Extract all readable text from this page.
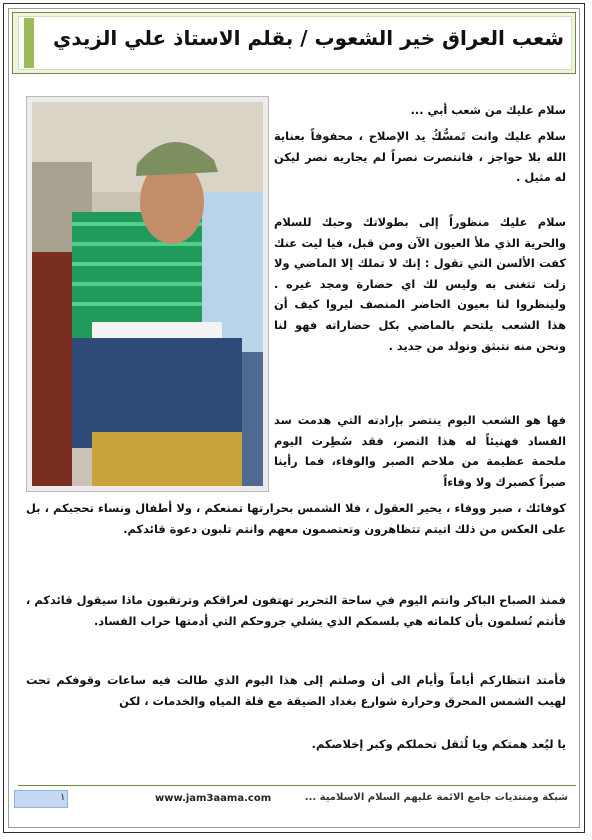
شعب العراق خير الشعوب / بقلم الاستاذ علي الزيدي

سلام عليك من شعب أبي ...

سلام عليك وانت تَمسُّكُ يد الإصلاح ، محفوفاً بعناية الله بلا حواجز ، فانتصرت نصراً لم يجاريه نصر ليكن له مثيل .

سلام عليك منظوراً إلى بطولاتك وحبك للسلام والحرية الذي ملأ العيون الآن ومن قبل، فيا ليت عنك كفت الألسن التي تقول : إنك لا تملك إلا الماضي ولا زلت تتغنى به وليس لك اي حضارة ومجد غيره . ولينظروا لنا بعيون الحاضر المنصف ليروا كيف أن هذا الشعب يلتحم بالماضي بكل حضاراته فهو لنا ونحن منه نتبثق ونولد من جديد .

فها هو الشعب اليوم ينتصر بإرادته التي هدمت سد الفساد فهنيئاً له هذا النصر، فقد سُطِرت اليوم ملحمة عظيمة من ملاحم الصبر والوفاء، فما رأينا صبراً كصبرك ولا وفاءاً

كوفائك ، صبر ووفاء ، يحير العقول ، فلا الشمس بحرارتها تمنعكم ، ولا أطفال ونساء تحجبكم ، بل على العكس من ذلك اتيتم تتظاهرون وتعتصمون معهم وانتم تلبون دعوة قائدكم.

فمنذ الصباح الباكر وانتم اليوم في ساحة التحرير تهتفون لعراقكم وترتقبون ماذا سيقول قائدكم ، فأنتم تُسلمون بأن كلماته هي بلسمكم الذي يشلي جروحكم التي أدمتها حراب الفساد.

فأمتد انتظاركم أياماً وأيام الى أن وصلتم إلى هذا اليوم الذي طالت فيه ساعات وقوفكم تحت لهيب الشمس المحرق وحرارة شوارع بغداد الضيقة مع قلة المياه والخدمات ، لكن

يا ليُعد همتكم ويا لُثقل تحملكم وكبر إخلاصكم.

١	www.jam3aama.com	شبكة ومنتديات جامع الائمة عليهم السلام الاسلامية ...
